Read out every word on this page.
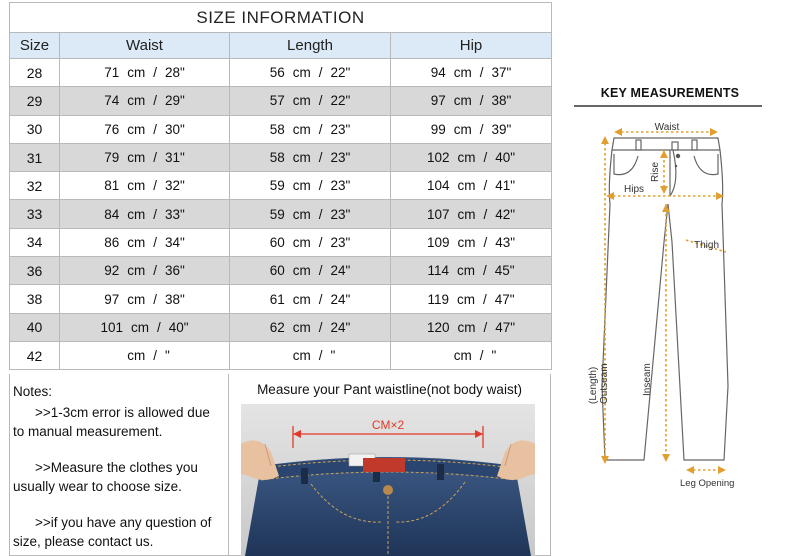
SIZE INFORMATION			
Size	Waist	Length	Hip
28	71 cm / 28"	56 cm / 22"	94 cm / 37"
29	74 cm / 29"	57 cm / 22"	97 cm / 38"
30	76 cm / 30"	58 cm / 23"	99 cm / 39"
31	79 cm / 31"	58 cm / 23"	102 cm / 40"
32	81 cm / 32"	59 cm / 23"	104 cm / 41"
33	84 cm / 33"	59 cm / 23"	107 cm / 42"
34	86 cm / 34"	60 cm / 23"	109 cm / 43"
36	92 cm / 36"	60 cm / 24"	114 cm / 45"
38	97 cm / 38"	61 cm / 24"	119 cm / 47"
40	101 cm / 40"	62 cm / 24"	120 cm / 47"
42	cm / "	cm / "	cm / "
Notes:
>>1-3cm error is allowed due
to manual measurement.
>>Measure the clothes you
usually wear to choose size.
>>if you have any question of
size, please contact us.
Measure your Pant waistline(not body waist)
CM×2
KEY MEASUREMENTS
Waist
Rise
Hips
Thigh
(Length) Outseam	Inseam
Leg Opening
